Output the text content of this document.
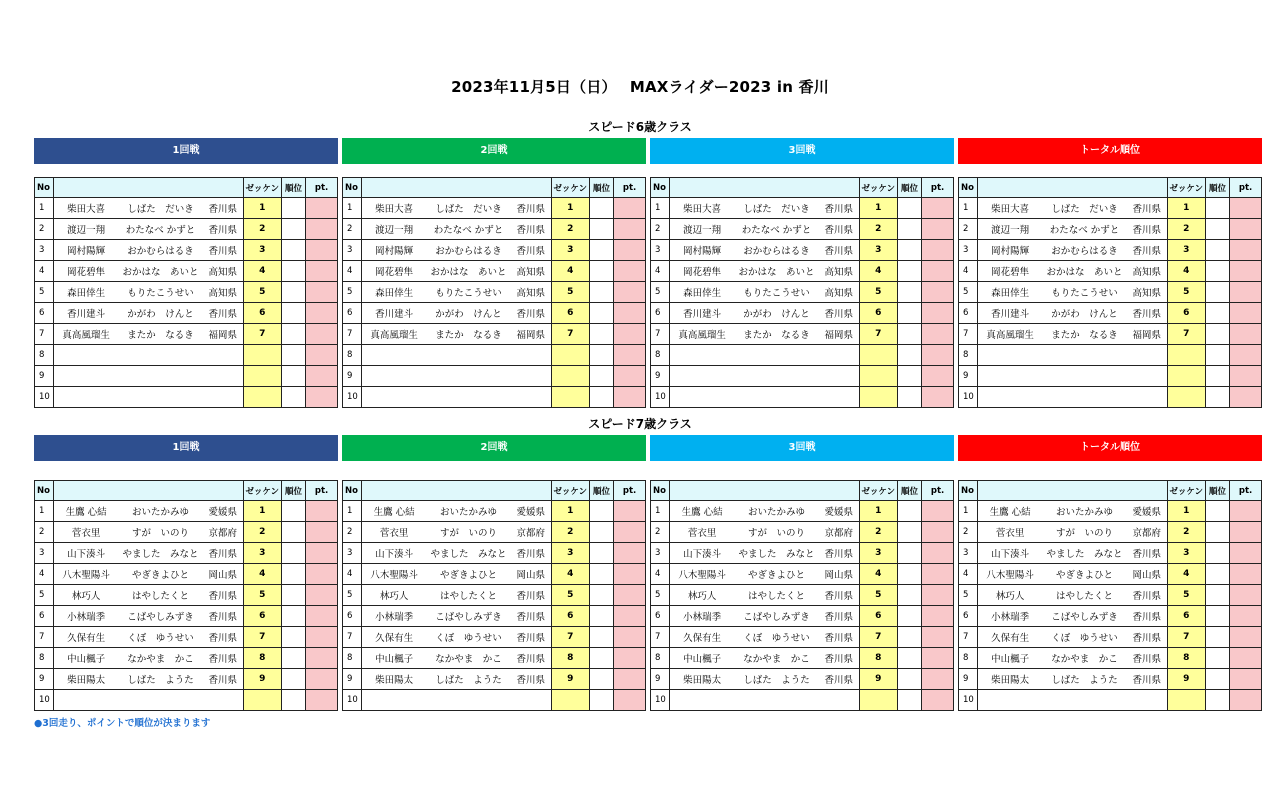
2023年11月5日（日）　 MAXライダー2023 in 香川
スピード6歳クラス
1回戦
No				ゼッケン	順位	pt.
1	柴田大喜	しばた　だいき	香川県	1		
2	渡辺一翔	わたなべ かずと	香川県	2		
3	岡村陽輝	おかむらはるき	香川県	3		
4	岡花碧隼	おかはな　あいと	高知県	4		
5	森田倖生	もりたこうせい	高知県	5		
6	香川建斗	かがわ　けんと	香川県	6		
7	真高風瑠生	またか　なるき	福岡県	7		
8						
9						
10						
2回戦
No				ゼッケン	順位	pt.
1	柴田大喜	しばた　だいき	香川県	1		
2	渡辺一翔	わたなべ かずと	香川県	2		
3	岡村陽輝	おかむらはるき	香川県	3		
4	岡花碧隼	おかはな　あいと	高知県	4		
5	森田倖生	もりたこうせい	高知県	5		
6	香川建斗	かがわ　けんと	香川県	6		
7	真高風瑠生	またか　なるき	福岡県	7		
8						
9						
10						
3回戦
No				ゼッケン	順位	pt.
1	柴田大喜	しばた　だいき	香川県	1		
2	渡辺一翔	わたなべ かずと	香川県	2		
3	岡村陽輝	おかむらはるき	香川県	3		
4	岡花碧隼	おかはな　あいと	高知県	4		
5	森田倖生	もりたこうせい	高知県	5		
6	香川建斗	かがわ　けんと	香川県	6		
7	真高風瑠生	またか　なるき	福岡県	7		
8						
9						
10						
トータル順位
No				ゼッケン	順位	pt.
1	柴田大喜	しばた　だいき	香川県	1		
2	渡辺一翔	わたなべ かずと	香川県	2		
3	岡村陽輝	おかむらはるき	香川県	3		
4	岡花碧隼	おかはな　あいと	高知県	4		
5	森田倖生	もりたこうせい	高知県	5		
6	香川建斗	かがわ　けんと	香川県	6		
7	真高風瑠生	またか　なるき	福岡県	7		
8						
9						
10						
スピード7歳クラス
1回戦
No				ゼッケン	順位	pt.
1	生鷹 心結	おいたかみゆ	愛媛県	1		
2	菅衣里	すが　いのり	京都府	2		
3	山下湊斗	やました　みなと	香川県	3		
4	八木聖陽斗	やぎきよひと	岡山県	4		
5	林巧人	はやしたくと	香川県	5		
6	小林瑞季	こばやしみずき	香川県	6		
7	久保有生	くぼ　ゆうせい	香川県	7		
8	中山楓子	なかやま　かこ	香川県	8		
9	柴田陽太	しばた　ようた	香川県	9		
10						
2回戦
No				ゼッケン	順位	pt.
1	生鷹 心結	おいたかみゆ	愛媛県	1		
2	菅衣里	すが　いのり	京都府	2		
3	山下湊斗	やました　みなと	香川県	3		
4	八木聖陽斗	やぎきよひと	岡山県	4		
5	林巧人	はやしたくと	香川県	5		
6	小林瑞季	こばやしみずき	香川県	6		
7	久保有生	くぼ　ゆうせい	香川県	7		
8	中山楓子	なかやま　かこ	香川県	8		
9	柴田陽太	しばた　ようた	香川県	9		
10						
3回戦
No				ゼッケン	順位	pt.
1	生鷹 心結	おいたかみゆ	愛媛県	1		
2	菅衣里	すが　いのり	京都府	2		
3	山下湊斗	やました　みなと	香川県	3		
4	八木聖陽斗	やぎきよひと	岡山県	4		
5	林巧人	はやしたくと	香川県	5		
6	小林瑞季	こばやしみずき	香川県	6		
7	久保有生	くぼ　ゆうせい	香川県	7		
8	中山楓子	なかやま　かこ	香川県	8		
9	柴田陽太	しばた　ようた	香川県	9		
10						
トータル順位
No				ゼッケン	順位	pt.
1	生鷹 心結	おいたかみゆ	愛媛県	1		
2	菅衣里	すが　いのり	京都府	2		
3	山下湊斗	やました　みなと	香川県	3		
4	八木聖陽斗	やぎきよひと	岡山県	4		
5	林巧人	はやしたくと	香川県	5		
6	小林瑞季	こばやしみずき	香川県	6		
7	久保有生	くぼ　ゆうせい	香川県	7		
8	中山楓子	なかやま　かこ	香川県	8		
9	柴田陽太	しばた　ようた	香川県	9		
10						
●3回走り、ポイントで順位が決まります
